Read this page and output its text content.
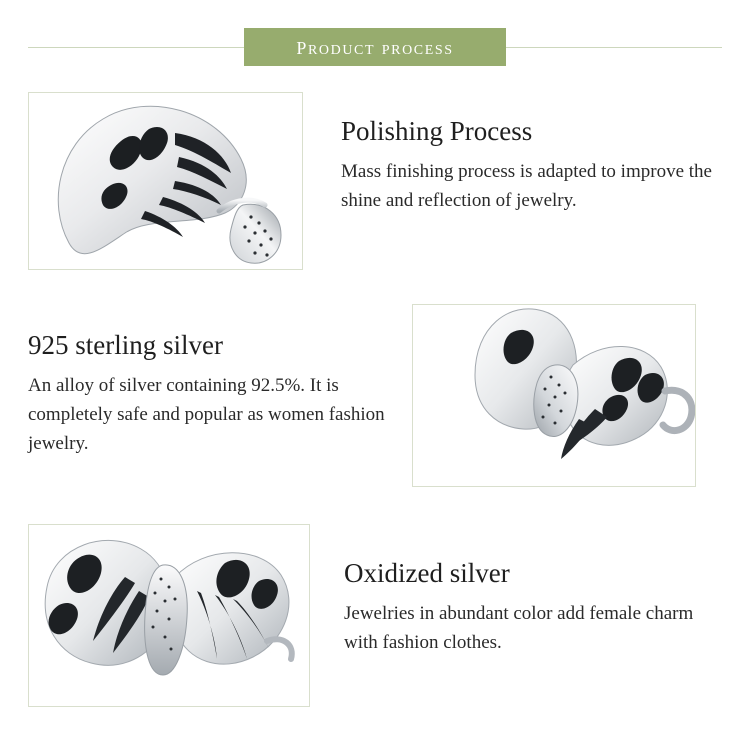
product process
Polishing Process

Mass finishing process is adapted to improve the shine and reflection of jewelry.

925 sterling silver

An alloy of silver containing 92.5%. It is completely safe and popular as women fashion jewelry.

Oxidized silver

Jewelries in abundant color add female charm with fashion clothes.
